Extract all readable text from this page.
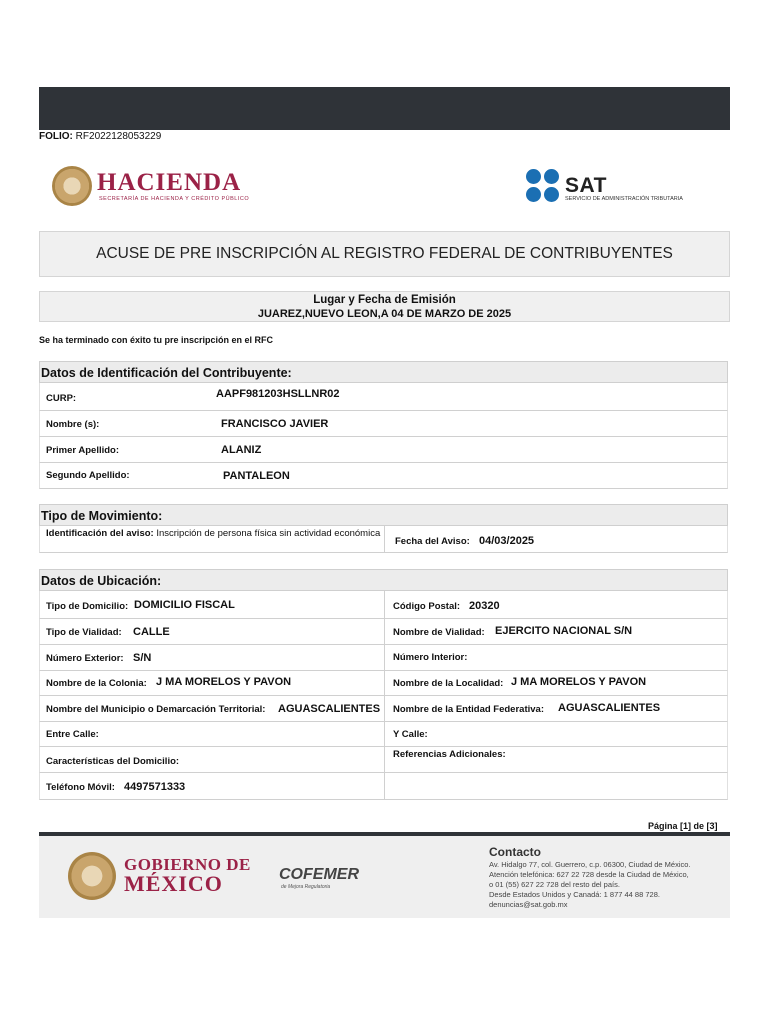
FOLIO: RF2022128053229
HACIENDA
SECRETARÍA DE HACIENDA Y CRÉDITO PÚBLICO
SAT
SERVICIO DE ADMINISTRACIÓN TRIBUTARIA
ACUSE DE PRE INSCRIPCIÓN AL REGISTRO FEDERAL DE CONTRIBUYENTES
Lugar y Fecha de Emisión
JUAREZ,NUEVO LEON,A 04 DE MARZO DE 2025
Se ha terminado con éxito tu pre inscripción en el RFC
Datos de Identificación del Contribuyente:
CURP:	AAPF981203HSLLNR02
Nombre (s):	FRANCISCO JAVIER
Primer Apellido:	ALANIZ
Segundo Apellido:	PANTALEON
Tipo de Movimiento:
Identificación del aviso: Inscripción de persona física sin actividad económica
Fecha del Aviso: 04/03/2025
Datos de Ubicación:
Tipo de Domicilio: DOMICILIO FISCAL	Código Postal: 20320
Tipo de Vialidad: CALLE	Nombre de Vialidad: EJERCITO NACIONAL S/N
Número Exterior: S/N	Número Interior:
Nombre de la Colonia: J MA MORELOS Y PAVON	Nombre de la Localidad: J MA MORELOS Y PAVON
Nombre del Municipio o Demarcación Territorial: AGUASCALIENTES Nombre de la Entidad Federativa: AGUASCALIENTES
Entre Calle:	Y Calle:
Características del Domicilio:
Referencias Adicionales:
Teléfono Móvil: 4497571333
Página [1] de [3]
GOBIERNO DE
MÉXICO	COFEMER
de Mejora Regulatoria
Contacto
Av. Hidalgo 77, col. Guerrero, c.p. 06300, Ciudad de México.
Atención telefónica: 627 22 728 desde la Ciudad de México,
o 01 (55) 627 22 728 del resto del país.
Desde Estados Unidos y Canadá: 1 877 44 88 728.
denuncias@sat.gob.mx
